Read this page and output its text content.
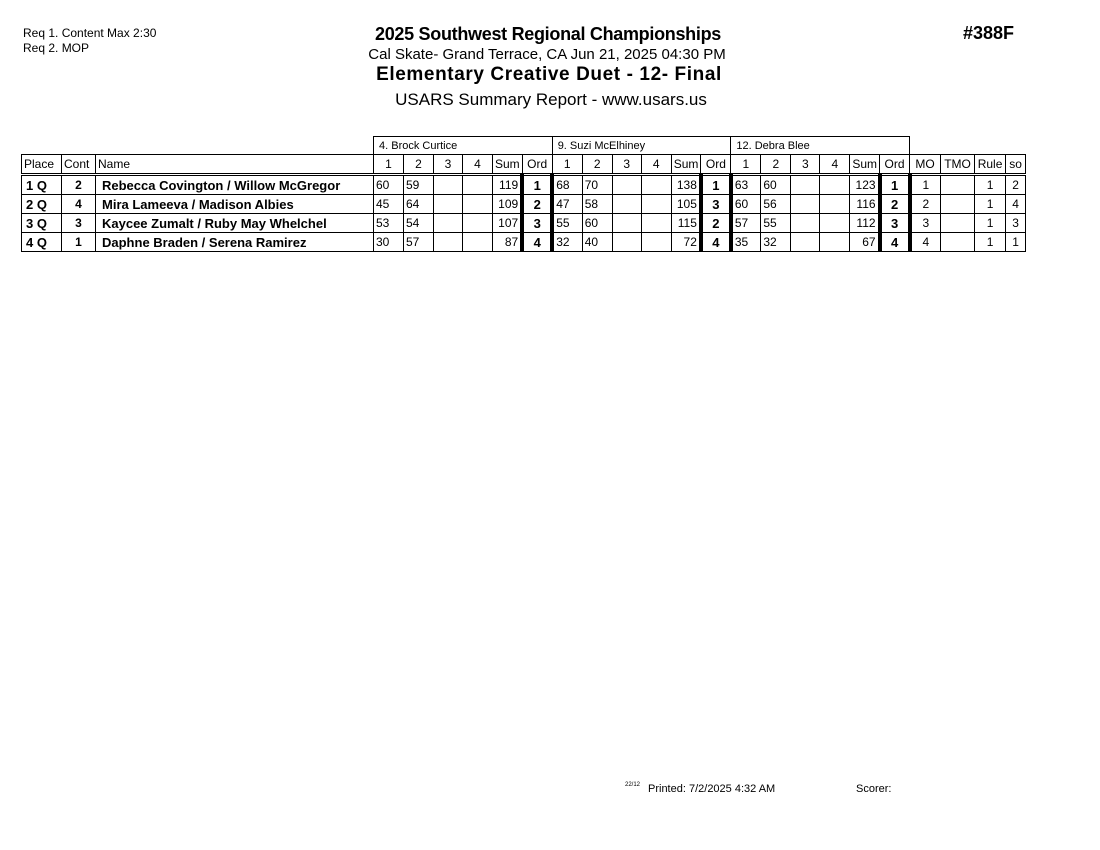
Req 1. Content Max 2:30
Req 2. MOP
2025 Southwest Regional Championships
Cal Skate- Grand Terrace, CA Jun 21, 2025 04:30 PM
Elementary Creative Duet - 12- Final
USARS Summary Report - www.usars.us
#388F
			4. Brock Curtice						9. Suzi McElhiney						12. Debra Blee									
Place	Cont	Name	1	2	3	4	Sum	Ord	1	2	3	4	Sum	Ord	1	2	3	4	Sum	Ord	MO	TMO	Rule	so
1 Q	2	Rebecca Covington / Willow McGregor	60	59			119	1	68	70			138	1	63	60			123	1	1		1	2
2 Q	4	Mira Lameeva / Madison Albies	45	64			109	2	47	58			105	3	60	56			116	2	2		1	4
3 Q	3	Kaycee Zumalt / Ruby May Whelchel	53	54			107	3	55	60			115	2	57	55			112	3	3		1	3
4 Q	1	Daphne Braden / Serena Ramirez	30	57			87	4	32	40			72	4	35	32			67	4	4		1	1
22/12 Printed: 7/2/2025 4:32 AM	Scorer:
